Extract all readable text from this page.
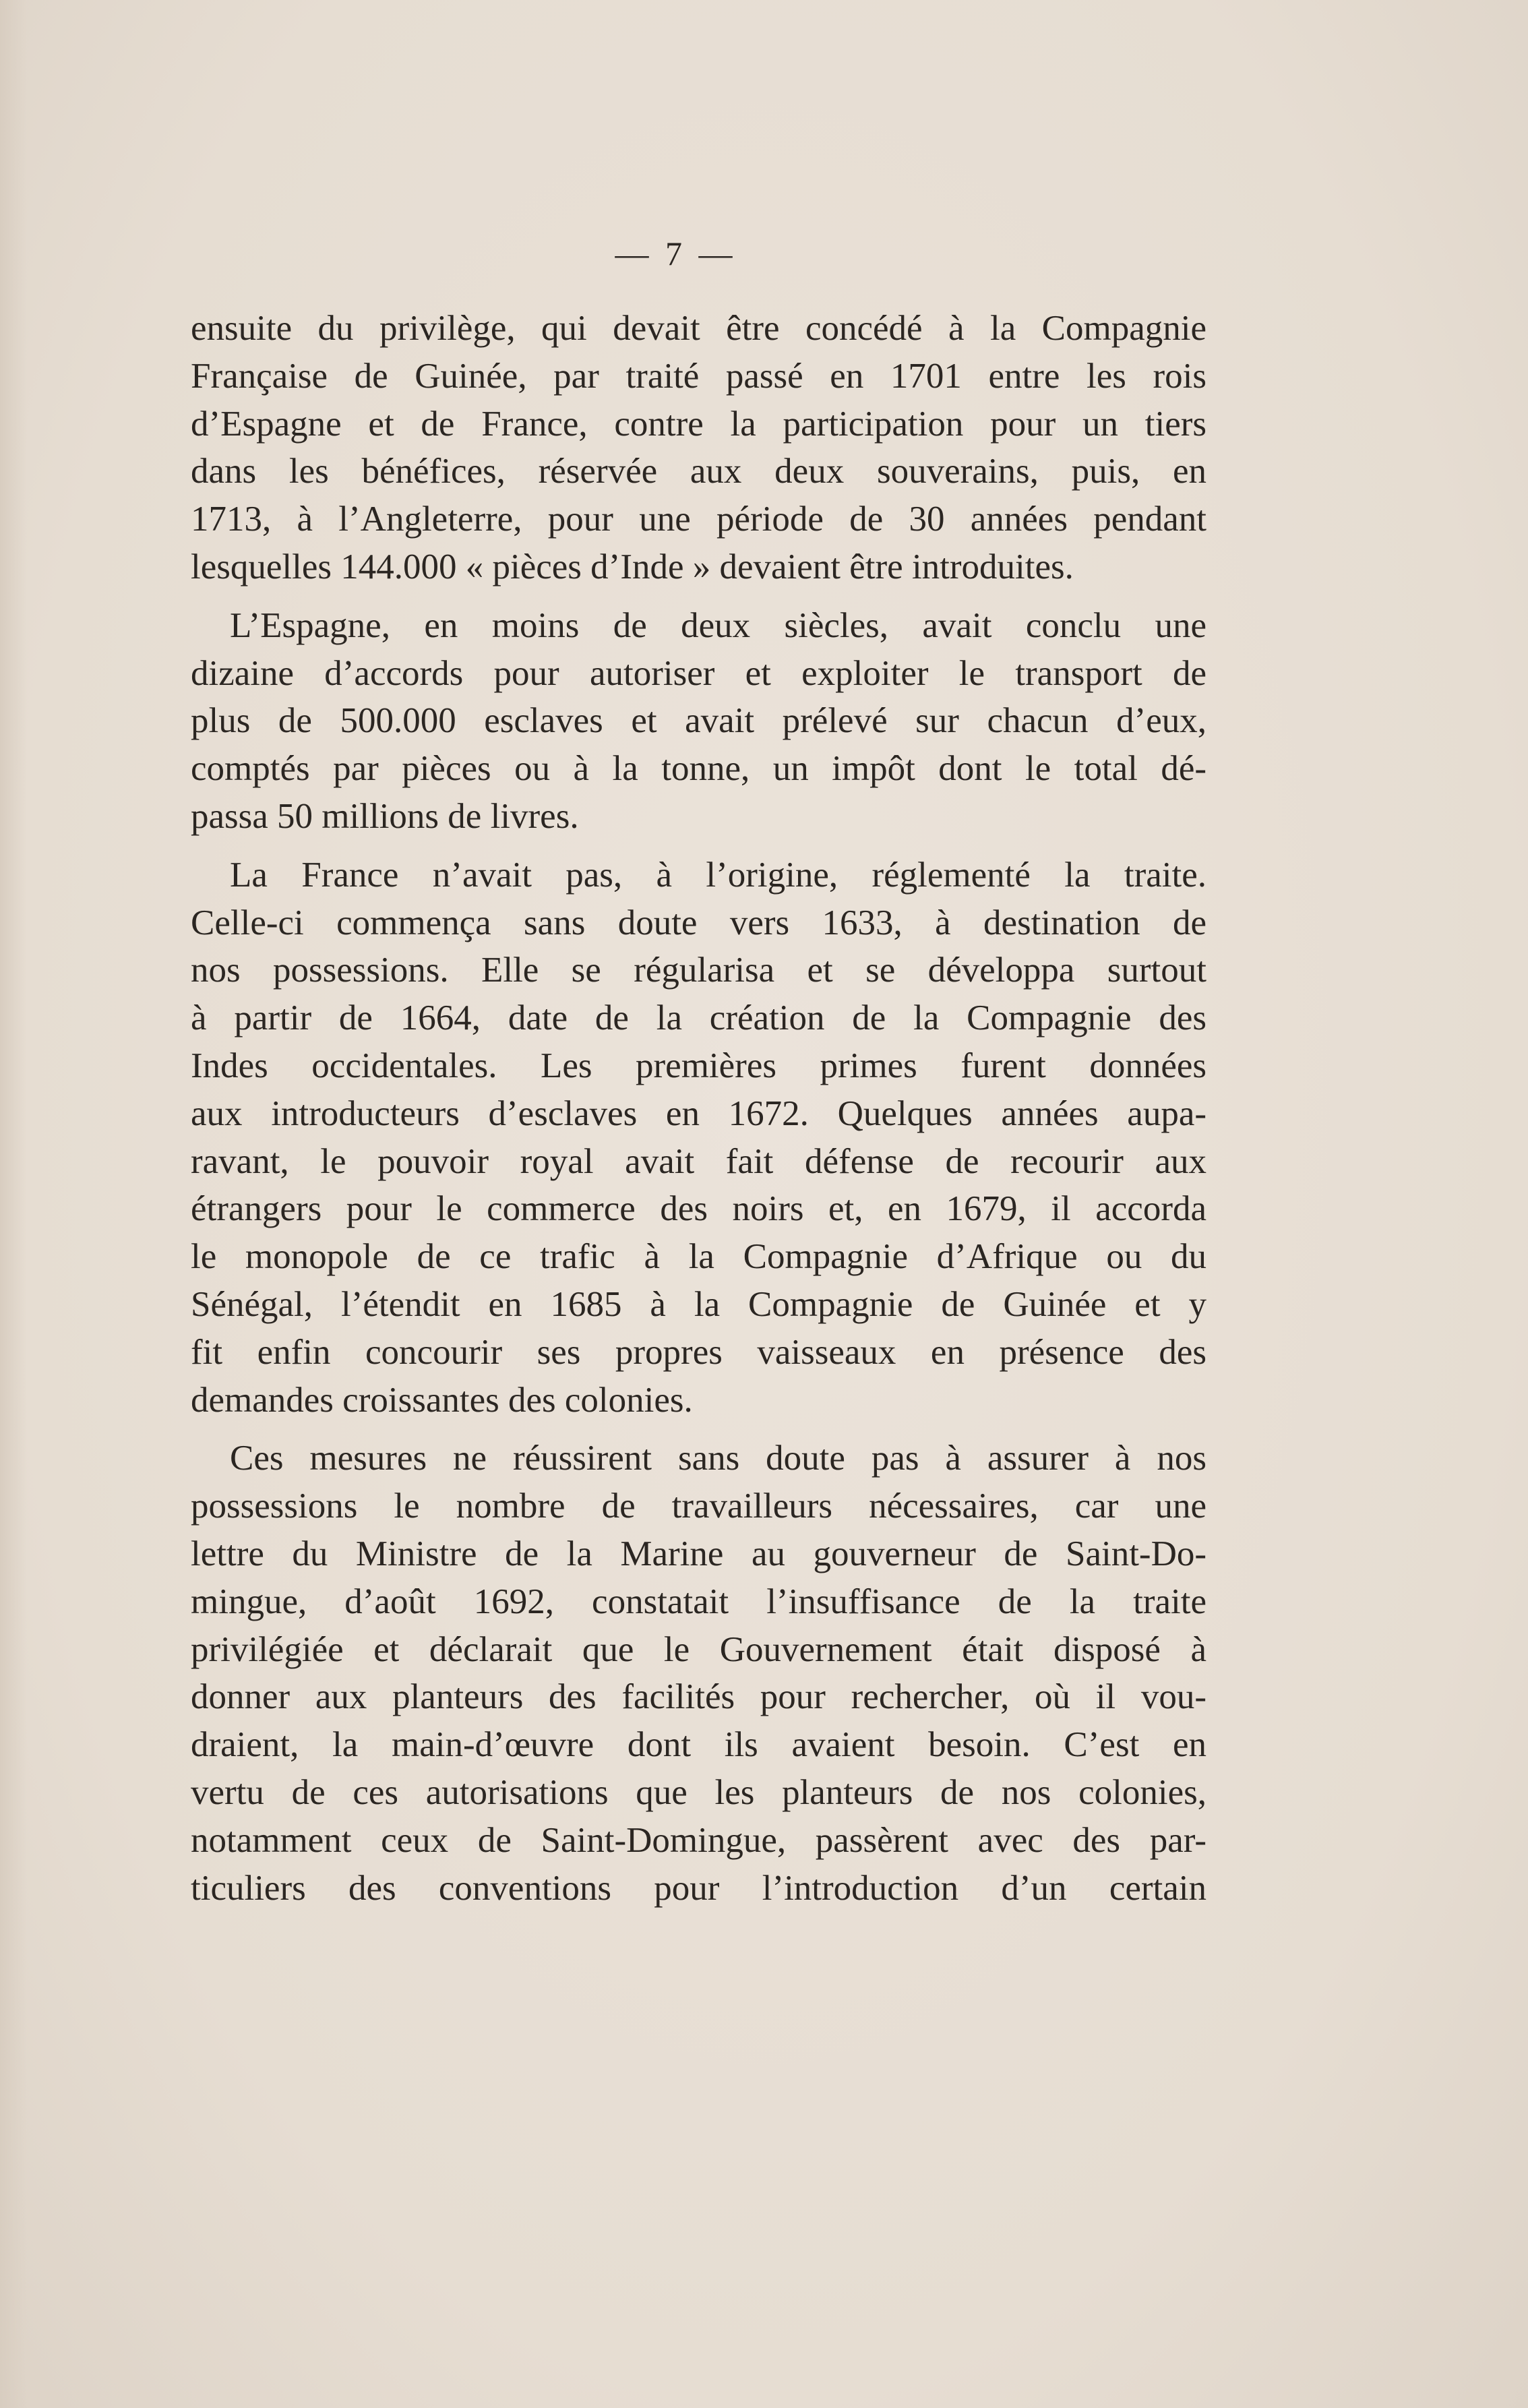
— 7 —
ensuite du privilège, qui devait être concédé à la Compagnie
Française de Guinée, par traité passé en 1701 entre les rois
d’Espagne et de France, contre la participation pour un tiers
dans les bénéfices, réservée aux deux souverains, puis, en
1713, à l’Angleterre, pour une période de 30 années pendant
lesquelles 144.000 « pièces d’Inde » devaient être introduites.
L’Espagne, en moins de deux siècles, avait conclu une
dizaine d’accords pour autoriser et exploiter le transport de
plus de 500.000 esclaves et avait prélevé sur chacun d’eux,
comptés par pièces ou à la tonne, un impôt dont le total dé-
passa 50 millions de livres.
La France n’avait pas, à l’origine, réglementé la traite.
Celle-ci commença sans doute vers 1633, à destination de
nos possessions. Elle se régularisa et se développa surtout
à partir de 1664, date de la création de la Compagnie des
Indes occidentales. Les premières primes furent données
aux introducteurs d’esclaves en 1672. Quelques années aupa-
ravant, le pouvoir royal avait fait défense de recourir aux
étrangers pour le commerce des noirs et, en 1679, il accorda
le monopole de ce trafic à la Compagnie d’Afrique ou du
Sénégal, l’étendit en 1685 à la Compagnie de Guinée et y
fit enfin concourir ses propres vaisseaux en présence des
demandes croissantes des colonies.
Ces mesures ne réussirent sans doute pas à assurer à nos
possessions le nombre de travailleurs nécessaires, car une
lettre du Ministre de la Marine au gouverneur de Saint-Do-
mingue, d’août 1692, constatait l’insuffisance de la traite
privilégiée et déclarait que le Gouvernement était disposé à
donner aux planteurs des facilités pour rechercher, où il vou-
draient, la main-d’œuvre dont ils avaient besoin. C’est en
vertu de ces autorisations que les planteurs de nos colonies,
notamment ceux de Saint-Domingue, passèrent avec des par-
ticuliers des conventions pour l’introduction d’un certain
